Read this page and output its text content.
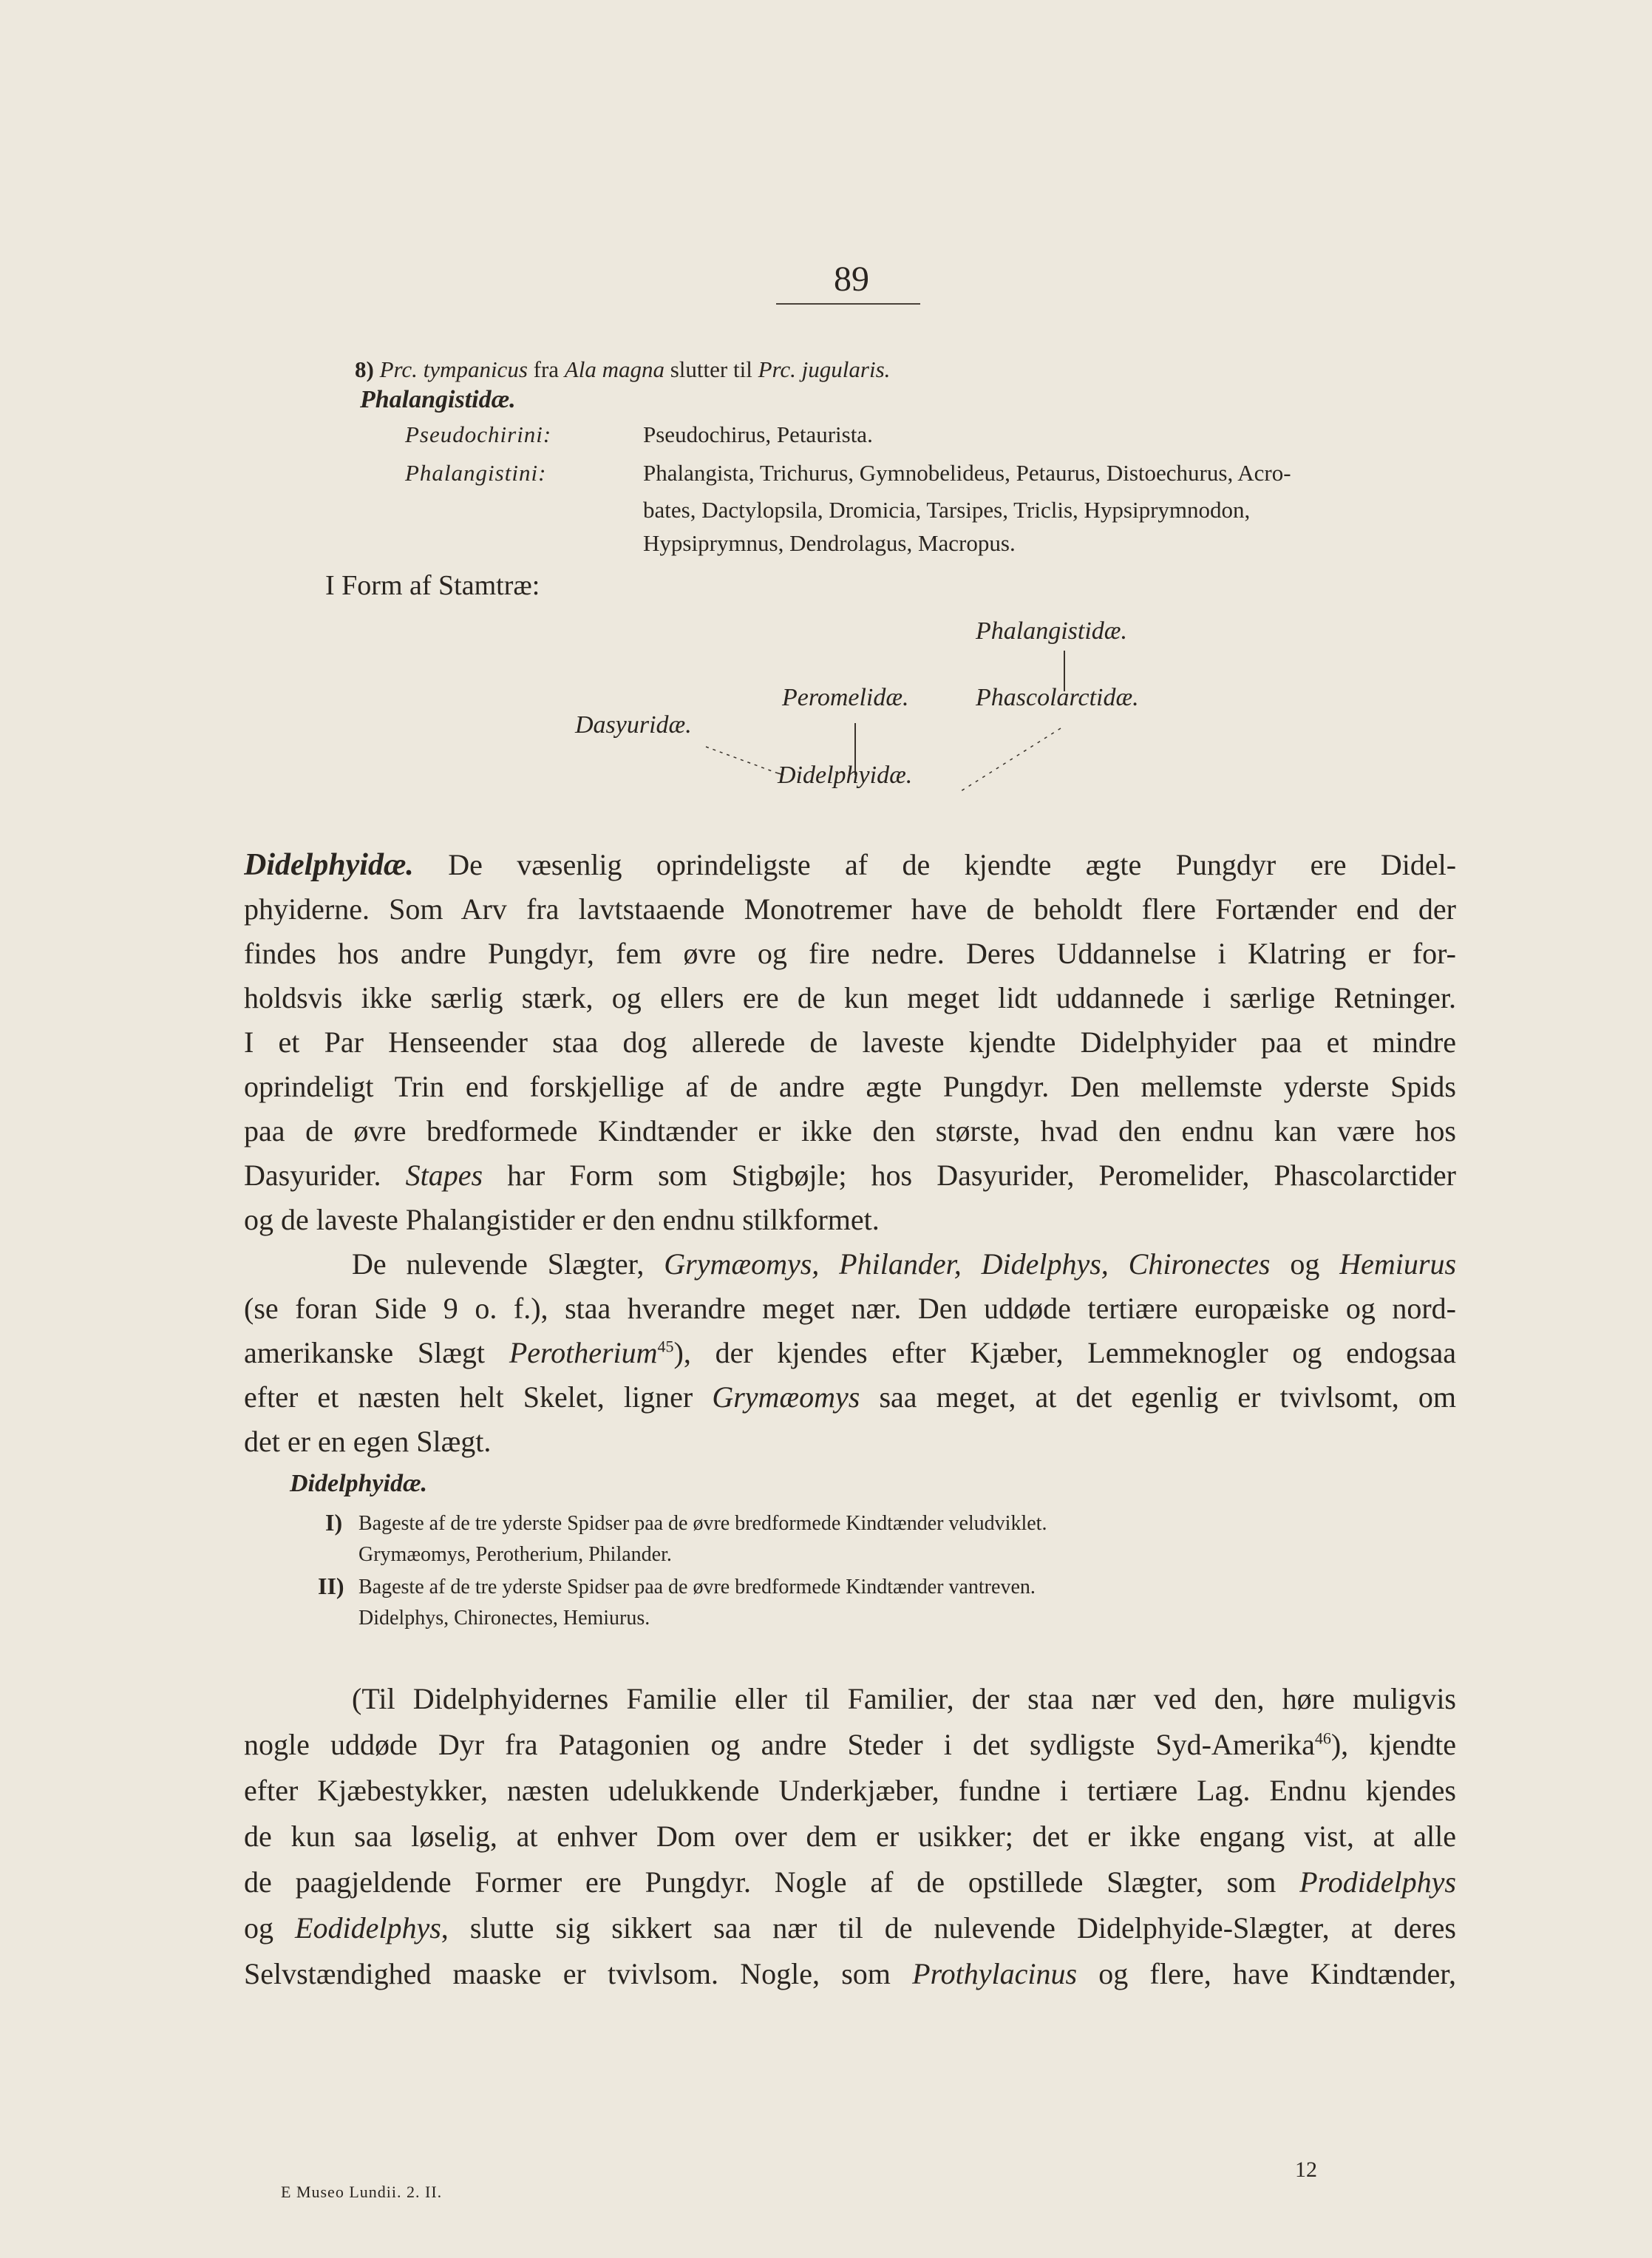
89
8) Prc. tympanicus fra Ala magna slutter til Prc. jugularis.
Phalangistidæ.
Pseudochirini:	Pseudochirus, Petaurista.
Phalangistini:	Phalangista, Trichurus, Gymnobelideus, Petaurus, Distoechurus, Acro-
bates, Dactylopsila, Dromicia, Tarsipes, Triclis, Hypsiprymnodon,
Hypsiprymnus, Dendrolagus, Macropus.
I Form af Stamtræ:
Phalangistidæ.
Peromelidæ.	Phascolarctidæ.
Dasyuridæ.
Didelphyidæ.
Didelphyidæ. De væsenlig oprindeligste af de kjendte ægte Pungdyr ere Didel-
phyiderne. Som Arv fra lavtstaaende Monotremer have de beholdt flere Fortænder end der
findes hos andre Pungdyr, fem øvre og fire nedre. Deres Uddannelse i Klatring er for-
holdsvis ikke særlig stærk, og ellers ere de kun meget lidt uddannede i særlige Retninger.
I et Par Henseender staa dog allerede de laveste kjendte Didelphyider paa et mindre
oprindeligt Trin end forskjellige af de andre ægte Pungdyr. Den mellemste yderste Spids
paa de øvre bredformede Kindtænder er ikke den største, hvad den endnu kan være hos
Dasyurider. Stapes har Form som Stigbøjle; hos Dasyurider, Peromelider, Phascolarctider
og de laveste Phalangistider er den endnu stilkformet.
De nulevende Slægter, Grymæomys, Philander, Didelphys, Chironectes og Hemiurus
(se foran Side 9 o. f.), staa hverandre meget nær. Den uddøde tertiære europæiske og nord-
amerikanske Slægt Perotherium$^{45}$), der kjendes efter Kjæber, Lemmeknogler og endogsaa
efter et næsten helt Skelet, ligner Grymæomys saa meget, at det egenlig er tvivlsomt, om
det er en egen Slægt.
Didelphyidæ.
I) Bageste af de tre yderste Spidser paa de øvre bredformede Kindtænder veludviklet.
Grymæomys, Perotherium, Philander.
II) Bageste af de tre yderste Spidser paa de øvre bredformede Kindtænder vantreven.
Didelphys, Chironectes, Hemiurus.
(Til Didelphyidernes Familie eller til Familier, der staa nær ved den, høre muligvis
nogle uddøde Dyr fra Patagonien og andre Steder i det sydligste Syd-Amerika$^{46}$), kjendte
efter Kjæbestykker, næsten udelukkende Underkjæber, fundne i tertiære Lag. Endnu kjendes
de kun saa løselig, at enhver Dom over dem er usikker; det er ikke engang vist, at alle
de paagjeldende Former ere Pungdyr. Nogle af de opstillede Slægter, som Prodidelphys
og Eodidelphys, slutte sig sikkert saa nær til de nulevende Didelphyide-Slægter, at deres
Selvstændighed maaske er tvivlsom. Nogle, som Prothylacinus og flere, have Kindtænder,
E Museo Lundii. 2. II.
12
